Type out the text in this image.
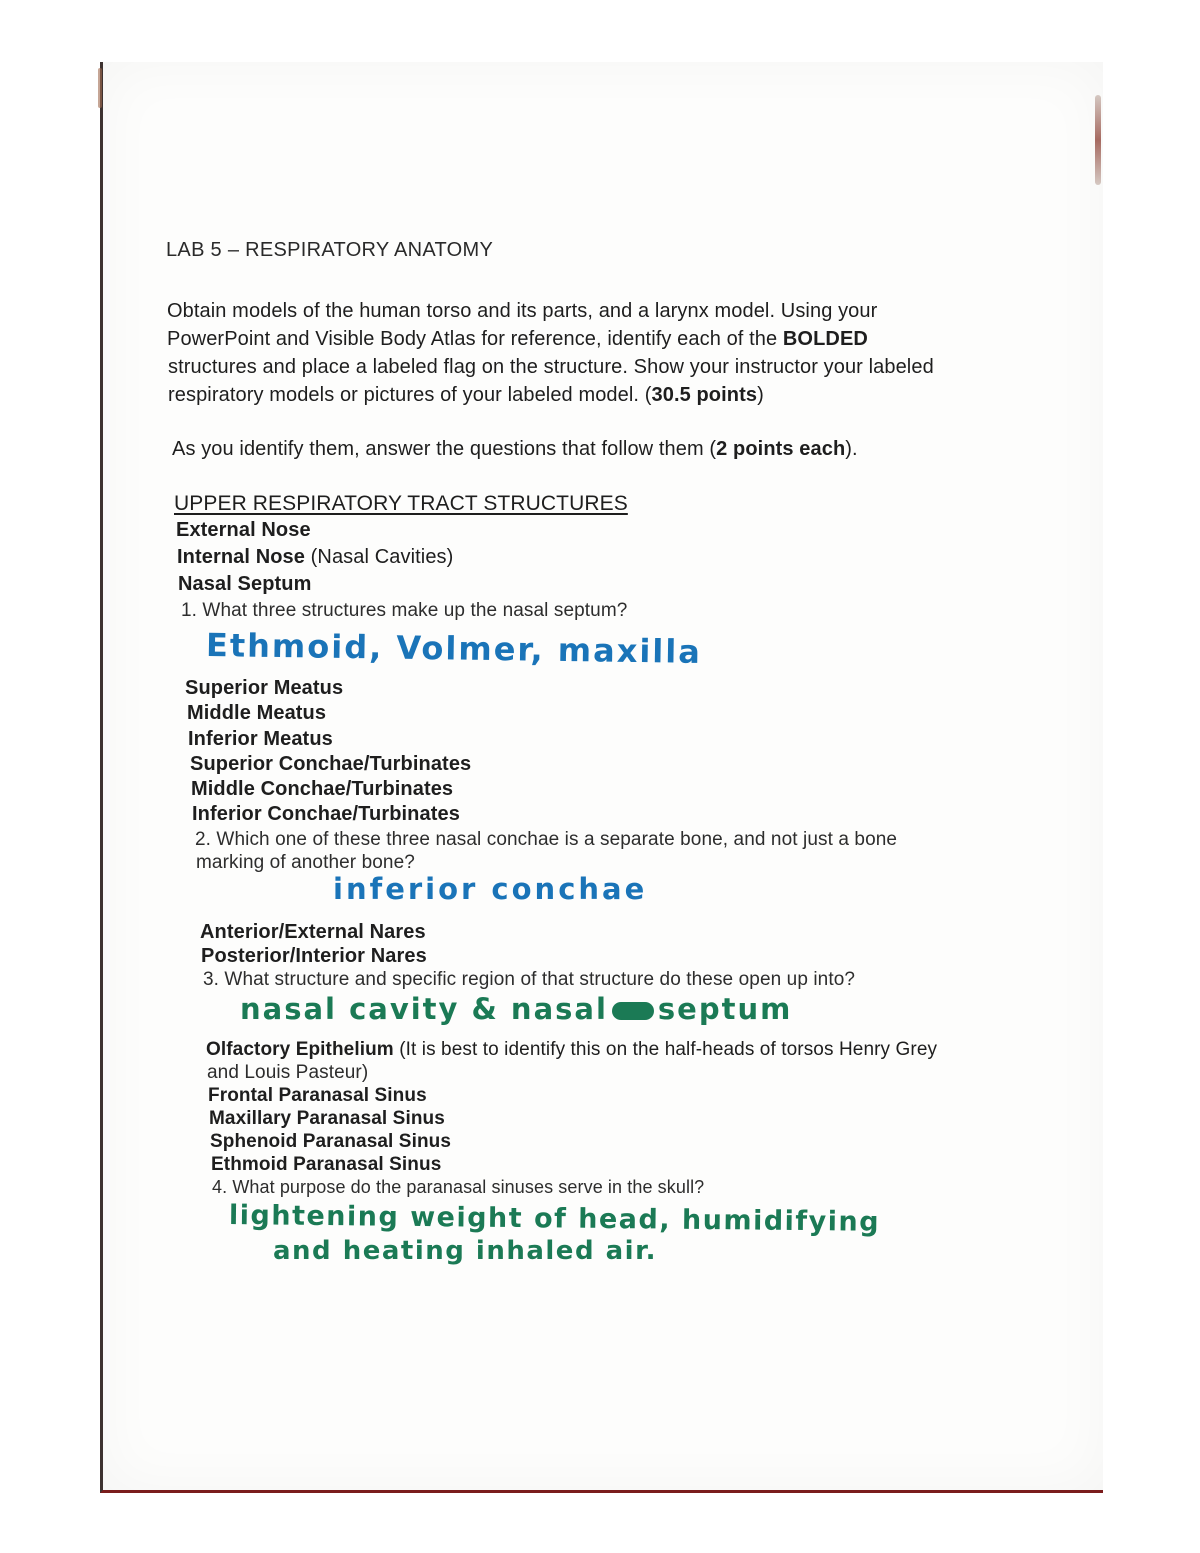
LAB 5 – RESPIRATORY ANATOMY
Obtain models of the human torso and its parts, and a larynx model. Using your
PowerPoint and Visible Body Atlas for reference, identify each of the BOLDED
structures and place a labeled flag on the structure. Show your instructor your labeled
respiratory models or pictures of your labeled model. (30.5 points)
As you identify them, answer the questions that follow them (2 points each).
UPPER RESPIRATORY TRACT STRUCTURES
External Nose
Internal Nose (Nasal Cavities)
Nasal Septum
1. What three structures make up the nasal septum?
Ethmoid, Volmer, maxilla
Superior Meatus
Middle Meatus
Inferior Meatus
Superior Conchae/Turbinates
Middle Conchae/Turbinates
Inferior Conchae/Turbinates
2. Which one of these three nasal conchae is a separate bone, and not just a bone
marking of another bone?
inferior conchae
Anterior/External Nares
Posterior/Interior Nares
3. What structure and specific region of that structure do these open up into?
nasal cavity & nasal septum
Olfactory Epithelium (It is best to identify this on the half-heads of torsos Henry Grey
and Louis Pasteur)
Frontal Paranasal Sinus
Maxillary Paranasal Sinus
Sphenoid Paranasal Sinus
Ethmoid Paranasal Sinus
4. What purpose do the paranasal sinuses serve in the skull?
lightening weight of head, humidifying
and heating inhaled air.
